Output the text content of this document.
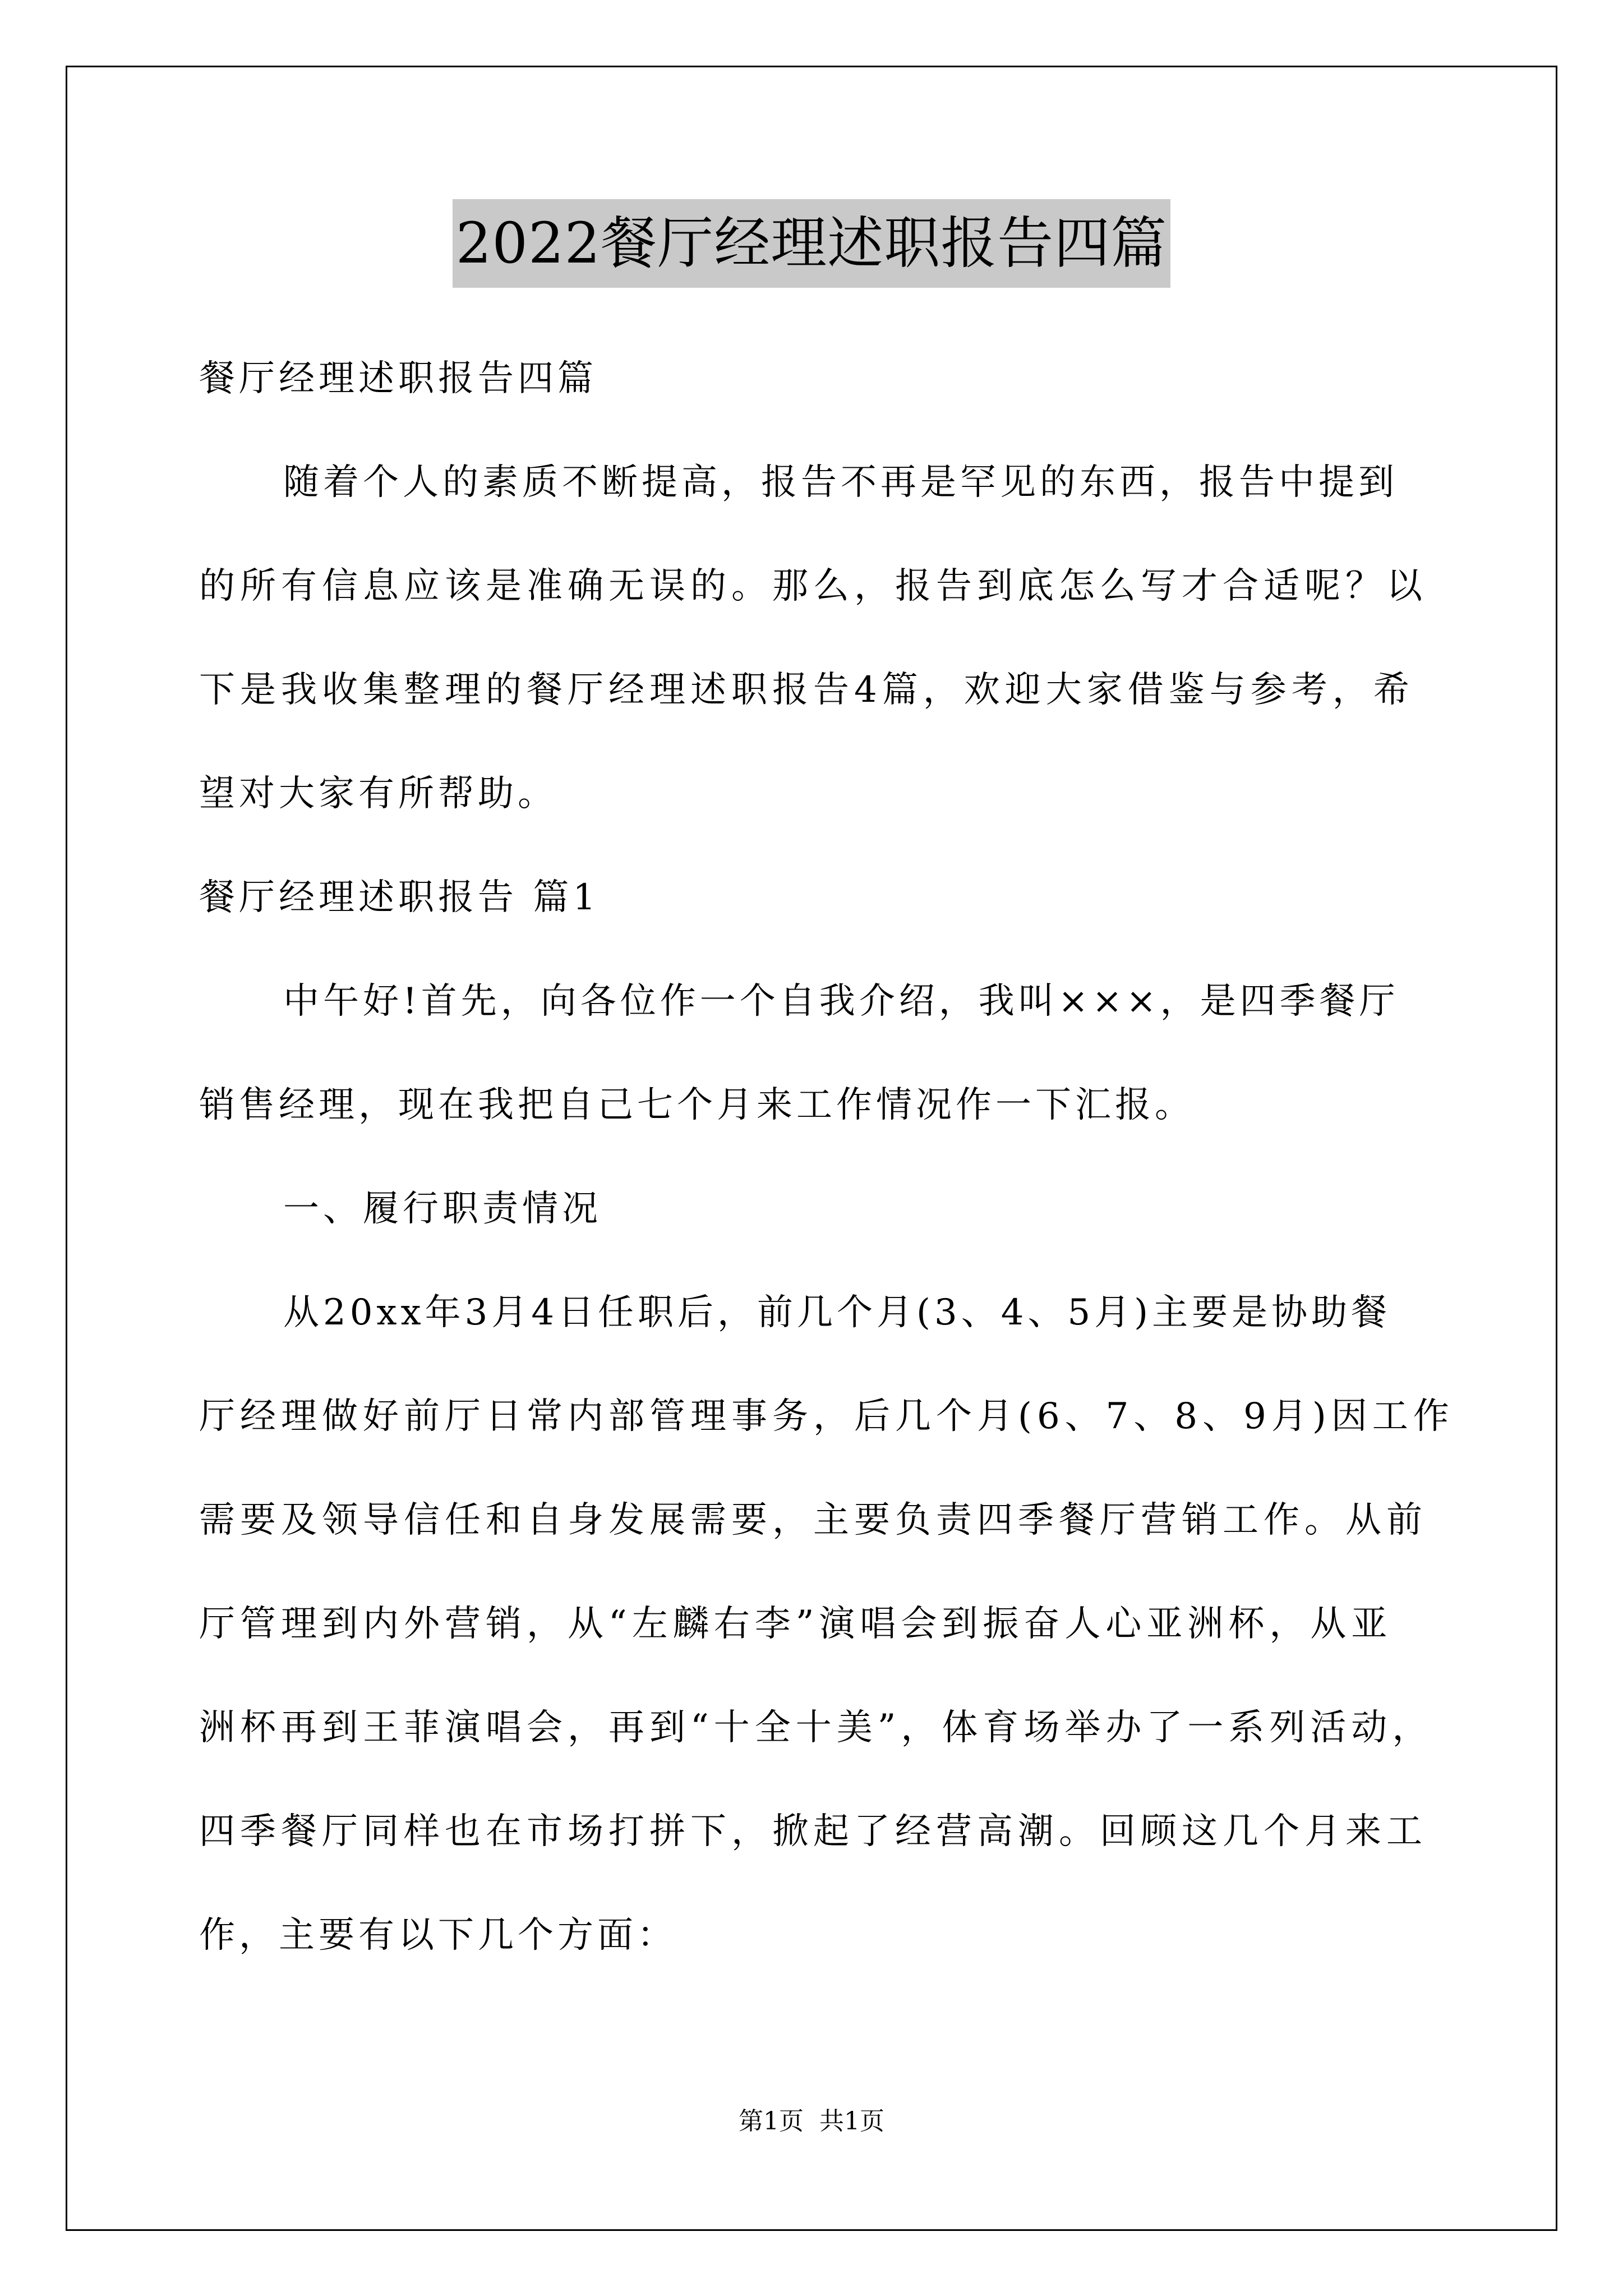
2022餐厅经理述职报告四篇
餐厅经理述职报告四篇
随着个人的素质不断提高，报告不再是罕见的东西，报告中提到
的所有信息应该是准确无误的。那么，报告到底怎么写才合适呢？以
下是我收集整理的餐厅经理述职报告4篇，欢迎大家借鉴与参考，希
望对大家有所帮助。
餐厅经理述职报告 篇1
中午好!首先，向各位作一个自我介绍，我叫×××，是四季餐厅
销售经理，现在我把自己七个月来工作情况作一下汇报。
一、履行职责情况
从20xx年3月4日任职后，前几个月(3、4、5月)主要是协助餐
厅经理做好前厅日常内部管理事务，后几个月(6、7、8、9月)因工作
需要及领导信任和自身发展需要，主要负责四季餐厅营销工作。从前
厅管理到内外营销，从“左麟右李”演唱会到振奋人心亚洲杯，从亚
洲杯再到王菲演唱会，再到“十全十美”，体育场举办了一系列活动，
四季餐厅同样也在市场打拼下，掀起了经营高潮。回顾这几个月来工
作，主要有以下几个方面：
第1页 共1页
